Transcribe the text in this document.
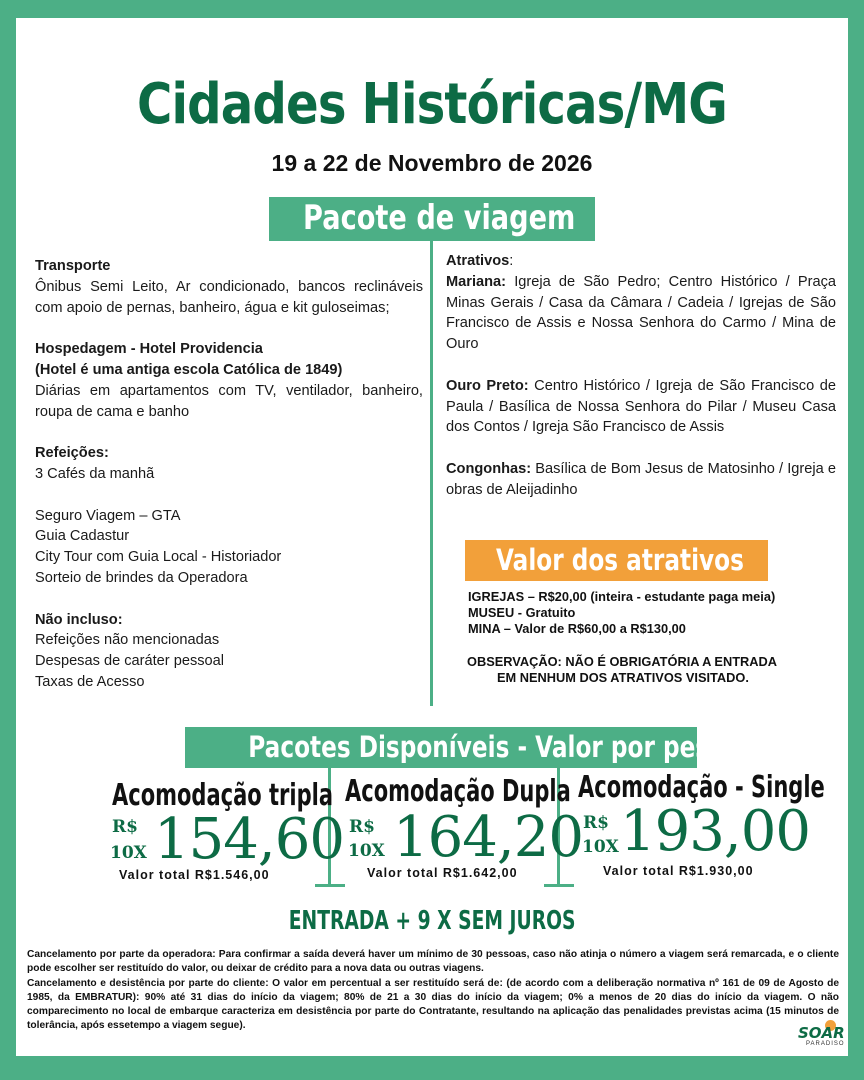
Cidades Históricas/MG
19 a 22 de Novembro de 2026
Pacote de viagem

Transporte

Ônibus Semi Leito, Ar condicionado, bancos reclináveis com apoio de pernas, banheiro, água e kit guloseimas;

Hospedagem - Hotel Providencia

(Hotel é uma antiga escola Católica de 1849)

Diárias em apartamentos com TV, ventilador, banheiro, roupa de cama e banho

Refeições:

3 Cafés da manhã

Seguro Viagem – GTA

Guia Cadastur

City Tour com Guia Local - Historiador

Sorteio de brindes da Operadora

Não incluso:

Refeições não mencionadas

Despesas de caráter pessoal

Taxas de Acesso

Atrativos:

Mariana: Igreja de São Pedro; Centro Histórico / Praça Minas Gerais / Casa da Câmara / Cadeia / Igrejas de São Francisco de Assis e Nossa Senhora do Carmo / Mina de Ouro

Ouro Preto: Centro Histórico / Igreja de São Francisco de Paula / Basílica de Nossa Senhora do Pilar / Museu Casa dos Contos / Igreja São Francisco de Assis

Congonhas: Basílica de Bom Jesus de Matosinho / Igreja e obras de Aleijadinho

Valor dos atrativos
IGREJAS – R$20,00 (inteira - estudante paga meia)
MUSEU - Gratuito
MINA – Valor de R$60,00 a R$130,00
OBSERVAÇÃO: NÃO É OBRIGATÓRIA A ENTRADA
EM NENHUM DOS ATRATIVOS VISITADO.
Pacotes Disponíveis - Valor por pessoa
Acomodação tripla
R$
10X 154,60
Valor total R$1.546,00
Acomodação Dupla
R$
10X 164,20
Valor total R$1.642,00
Acomodação - Single
R$
10X 193,00
Valor total R$1.930,00
ENTRADA + 9 X SEM JUROS

Cancelamento por parte da operadora: Para confirmar a saída deverá haver um mínimo de 30 pessoas, caso não atinja o número a viagem será remarcada, e o cliente pode escolher ser restituído do valor, ou deixar de crédito para a nova data ou outras viagens.

Cancelamento e desistência por parte do cliente: O valor em percentual a ser restituído será de: (de acordo com a deliberação normativa nº 161 de 09 de Agosto de 1985, da EMBRATUR): 90% até 31 dias do início da viagem; 80% de 21 a 30 dias do início da viagem; 0% a menos de 20 dias do início da viagem. O não comparecimento no local de embarque caracteriza em desistência por parte do Contratante, resultando na aplicação das penalidades previstas acima (15 minutos de tolerância, após essetempo a viagem segue).	SOAR
PARADISO
